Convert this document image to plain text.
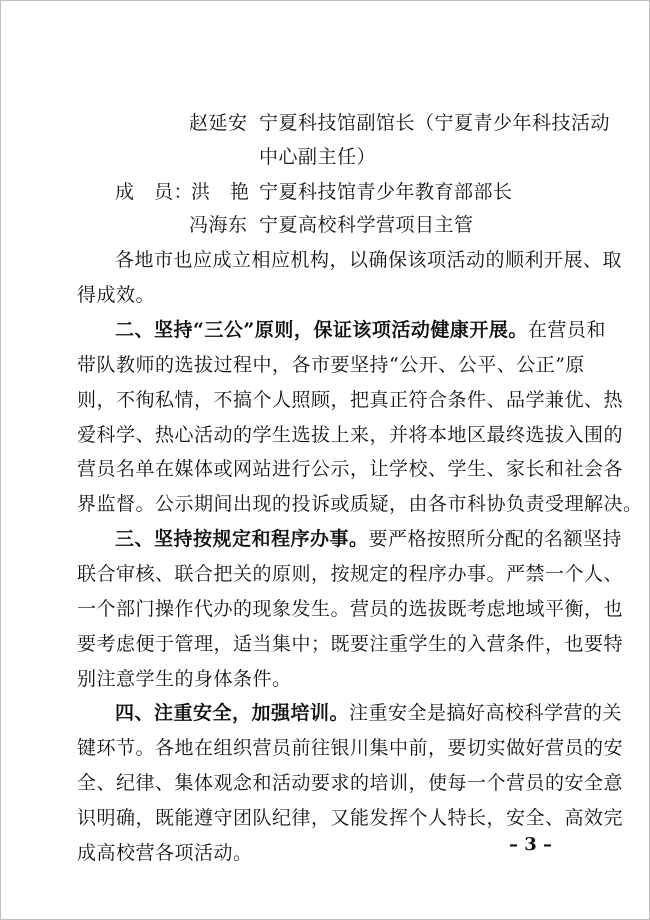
赵延安 宁夏科技馆副馆长（宁夏青少年科技活动
中心副主任）
成　员：
洪　艳 宁夏科技馆青少年教育部部长
冯海东 宁夏高校科学营项目主管
各地市也应成立相应机构，以确保该项活动的顺利开展、取
得成效。
二、坚持“三公”原则，保证该项活动健康开展。 在营员和
带队教师的选拔过程中，各市要坚持“公开、公平、公正”原
则，不徇私情，不搞个人照顾，把真正符合条件、品学兼优、热
爱科学、热心活动的学生选拔上来，并将本地区最终选拔入围的
营员名单在媒体或网站进行公示，让学校、学生、家长和社会各
界监督。公示期间出现的投诉或质疑，由各市科协负责受理解决。
三、坚持按规定和程序办事。 要严格按照所分配的名额坚持
联合审核、联合把关的原则，按规定的程序办事。严禁一个人、
一个部门操作代办的现象发生。营员的选拔既考虑地域平衡，也
要考虑便于管理，适当集中；既要注重学生的入营条件，也要特
别注意学生的身体条件。
四、注重安全，加强培训。 注重安全是搞好高校科学营的关
键环节。各地在组织营员前往银川集中前，要切实做好营员的安
全、纪律、集体观念和活动要求的培训，使每一个营员的安全意
识明确，既能遵守团队纪律，又能发挥个人特长，安全、高效完
成高校营各项活动。	– 3 –
